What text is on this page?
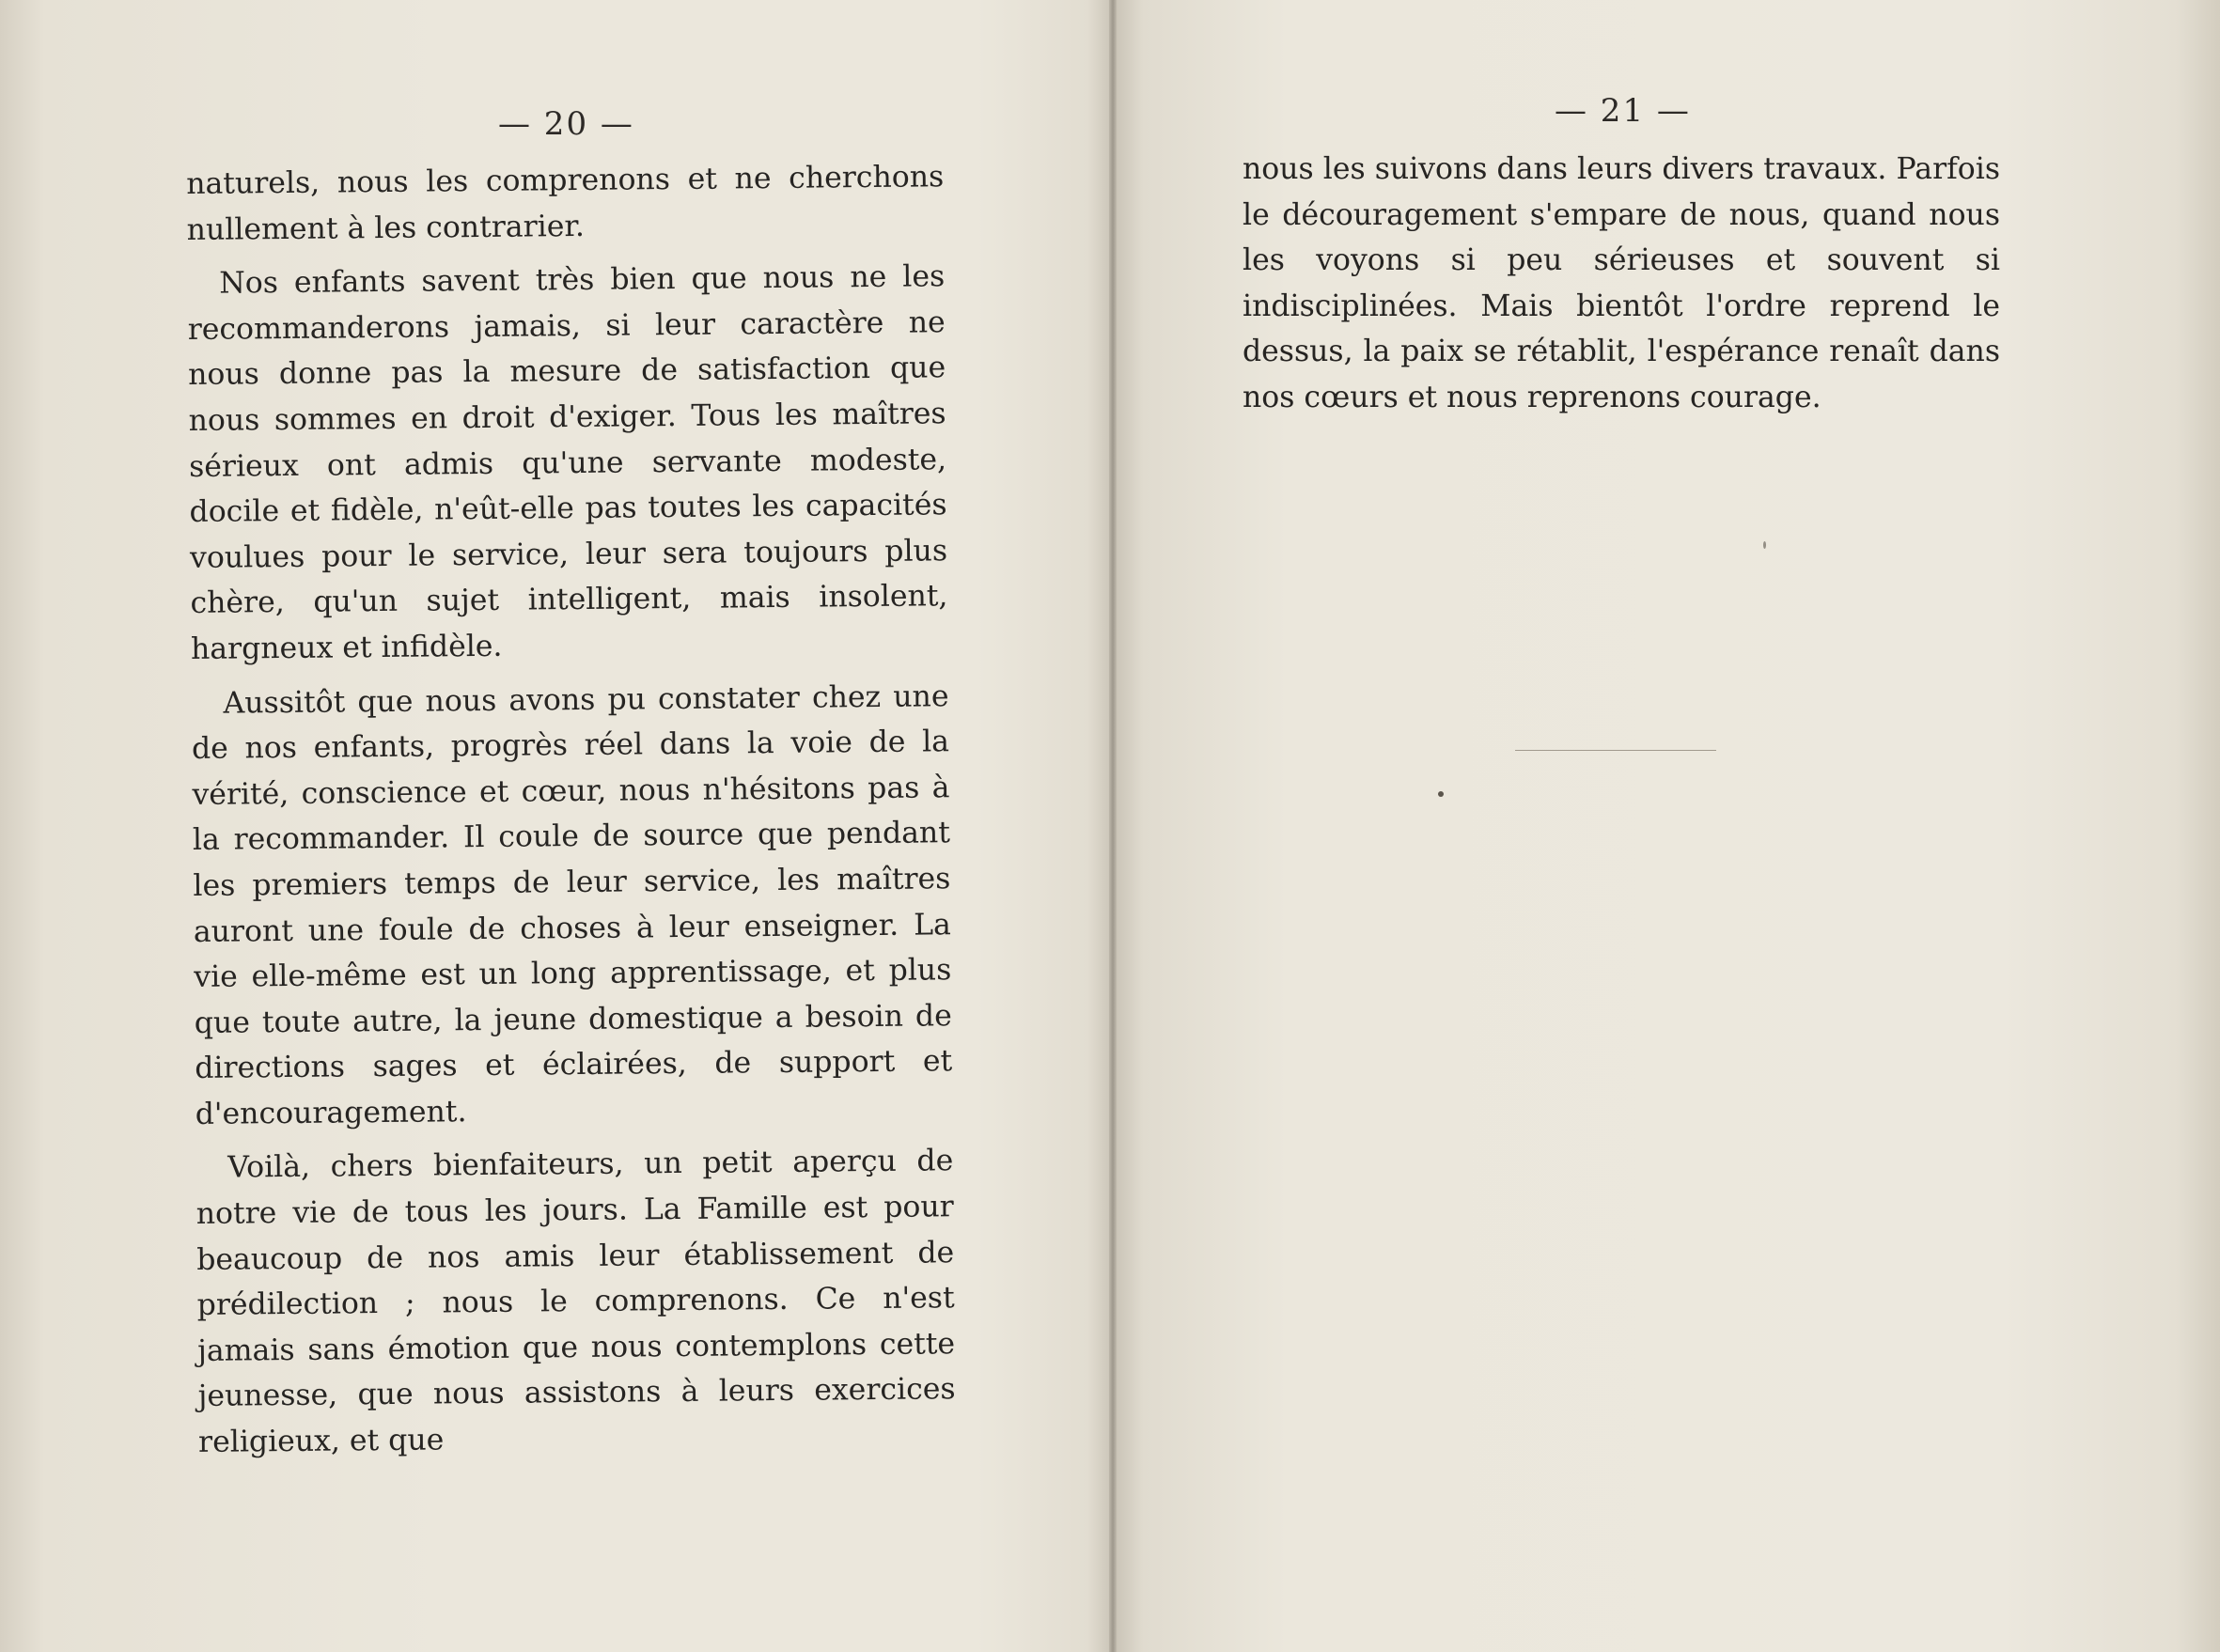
— 20 —

naturels, nous les comprenons et ne cherchons nullement à les contrarier.

Nos enfants savent très bien que nous ne les recommanderons jamais, si leur caractère ne nous donne pas la mesure de satisfaction que nous sommes en droit d'exiger. Tous les maîtres sérieux ont admis qu'une servante modeste, docile et fidèle, n'eût-elle pas toutes les capacités voulues pour le service, leur sera toujours plus chère, qu'un sujet intelligent, mais insolent, hargneux et infidèle.

Aussitôt que nous avons pu constater chez une de nos enfants, progrès réel dans la voie de la vérité, conscience et cœur, nous n'hésitons pas à la recommander. Il coule de source que pendant les premiers temps de leur service, les maîtres auront une foule de choses à leur enseigner. La vie elle-même est un long apprentissage, et plus que toute autre, la jeune domestique a besoin de directions sages et éclairées, de support et d'encouragement.

Voilà, chers bienfaiteurs, un petit aperçu de notre vie de tous les jours. La Famille est pour beaucoup de nos amis leur établissement de prédilection ; nous le comprenons. Ce n'est jamais sans émotion que nous contemplons cette jeunesse, que nous assistons à leurs exercices religieux, et que

— 21 —

nous les suivons dans leurs divers travaux. Parfois le découragement s'empare de nous, quand nous les voyons si peu sérieuses et souvent si indisciplinées. Mais bientôt l'ordre reprend le dessus, la paix se rétablit, l'espérance renaît dans nos cœurs et nous reprenons courage.
